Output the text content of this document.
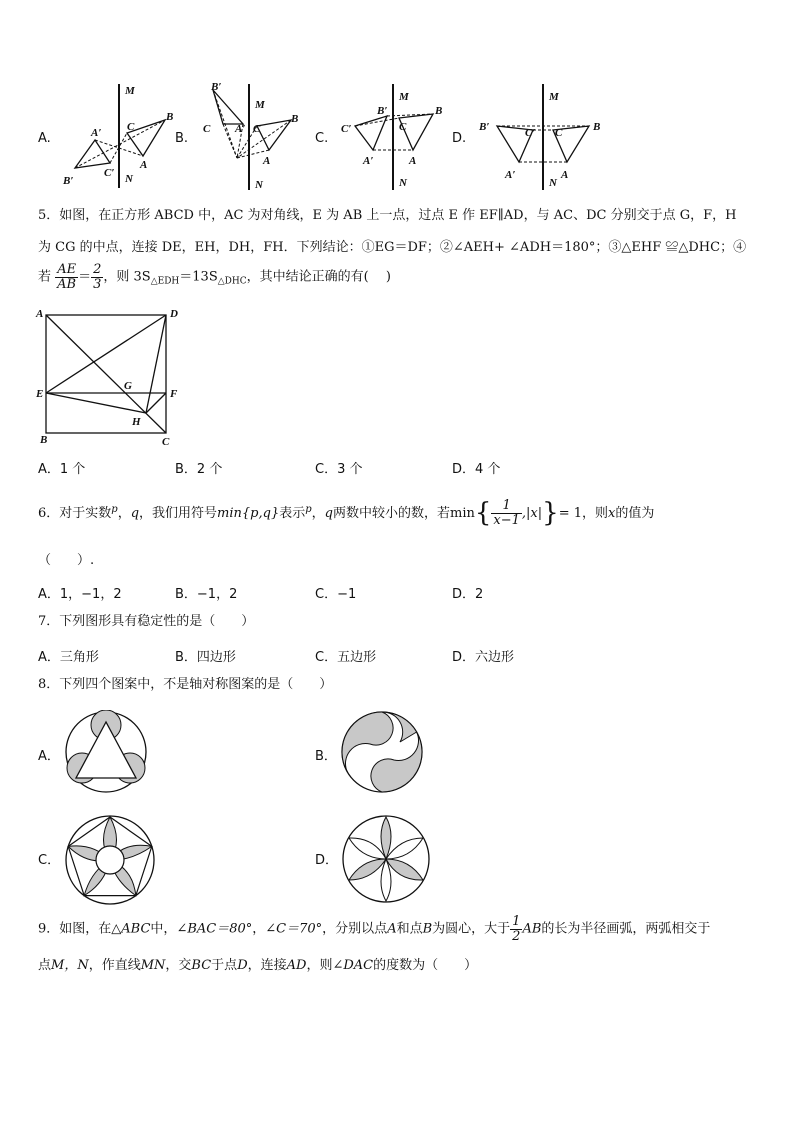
A.	B.	C.	D.
M
N
A′
B′
C′
C
B
A
M
N
B′
C A′ C
B
A
M
N
C′
B′
A′
C
B
A
M
N
B′	C′
A′
C	B
A
5．如图，在正方形 ABCD 中，AC 为对角线，E 为 AB 上一点，过点 E 作 EF∥AD，与 AC、DC 分别交于点 G，F，H
为 CG 的中点，连接 DE，EH，DH，FH．下列结论：①EG＝DF；②∠AEH+ ∠ADH＝180°；③△EHF ≌△DHC；④
若 $\frac{AE}{AB} = \frac{2}{3}$ ，则 $3S_{\triangle EDH}=13S_{\triangle DHC}$，其中结论正确的有(　 )
A	D
E	F
G
H
B	C
A．1 个	B．2 个	C．3 个	D．4 个
6．对于实数$^p$，q，我们用符号min{p,q}表示$^p$，q两数中较小的数，若$\min\{ \frac{1}{x-1} ,|x|\}= 1$，则x的值为
（　　）.
A．1，−1，2	B．−1，2	C．−1	D．2
7．下列图形具有稳定性的是（　　）
A．三角形	B．四边形	C．五边形	D．六边形
8．下列四个图案中，不是轴对称图案的是（　　）
A．	B．
C．	D．
9．如图，在△ABC中，∠BAC＝80°，∠C＝70°，分别以点A和点B为圆心，大于 $\frac{1}{2}$ AB的长为半径画弧，两弧相交于
点M，N，作直线MN，交BC于点D，连接AD，则∠DAC的度数为（　　）
